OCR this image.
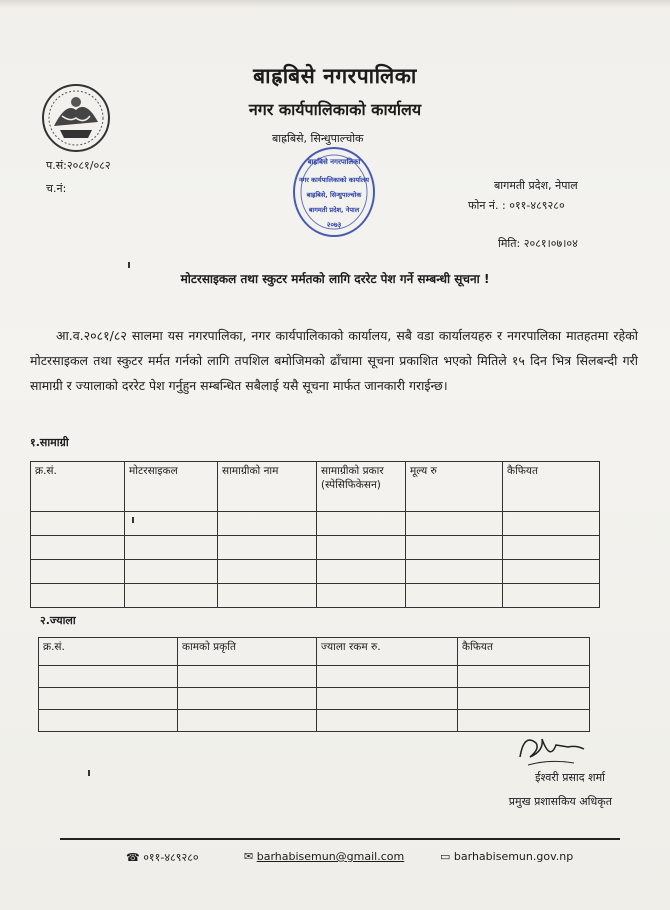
बाह्रबिसे नगरपालिका
नगर कार्यपालिकाको कार्यालय
बाह्रबिसे, सिन्धुपाल्चोक
बाह्रबिसे नगरपालिका
नगर कार्यपालिकाको कार्यालय
बाह्रबिसे, सिन्धुपाल्चोक
बागमती प्रदेश, नेपाल
२०७३
प.सं:२०८१/०८२
च.नं:	बागमती प्रदेश, नेपाल
फोन नं. : ०११-४८९२८०
मिति: २०८१।०७।०४
मोटरसाइकल तथा स्कुटर मर्मतको लागि दररेट पेश गर्ने सम्बन्धी सूचना !
आ.व.२०८१/८२ सालमा यस नगरपालिका, नगर कार्यपालिकाको कार्यालय, सबै वडा कार्यालयहरु र नगरपालिका मातहतमा रहेको मोटरसाइकल तथा स्कुटर मर्मत गर्नको लागि तपशिल बमोजिमको ढाँचामा सूचना प्रकाशित भएको मितिले १५ दिन भित्र सिलबन्दी गरी सामाग्री र ज्यालाको दररेट पेश गर्नुहुन सम्बन्धित सबैलाई यसै सूचना मार्फत जानकारी गराईन्छ।
१.सामाग्री
क्र.सं.	मोटरसाइकल	सामाग्रीको नाम	सामाग्रीको प्रकार (स्पेसिफिकेसन)	मूल्य रु	कैफियत

२.ज्याला
क्र.सं.	कामको प्रकृति	ज्याला रकम रु.	कैफियत

ईश्वरी प्रसाद शर्मा
प्रमुख प्रशासकिय अधिकृत
☎ ०११-४८९२८०	✉ barhabisemun@gmail.com	▭ barhabisemun.gov.np
